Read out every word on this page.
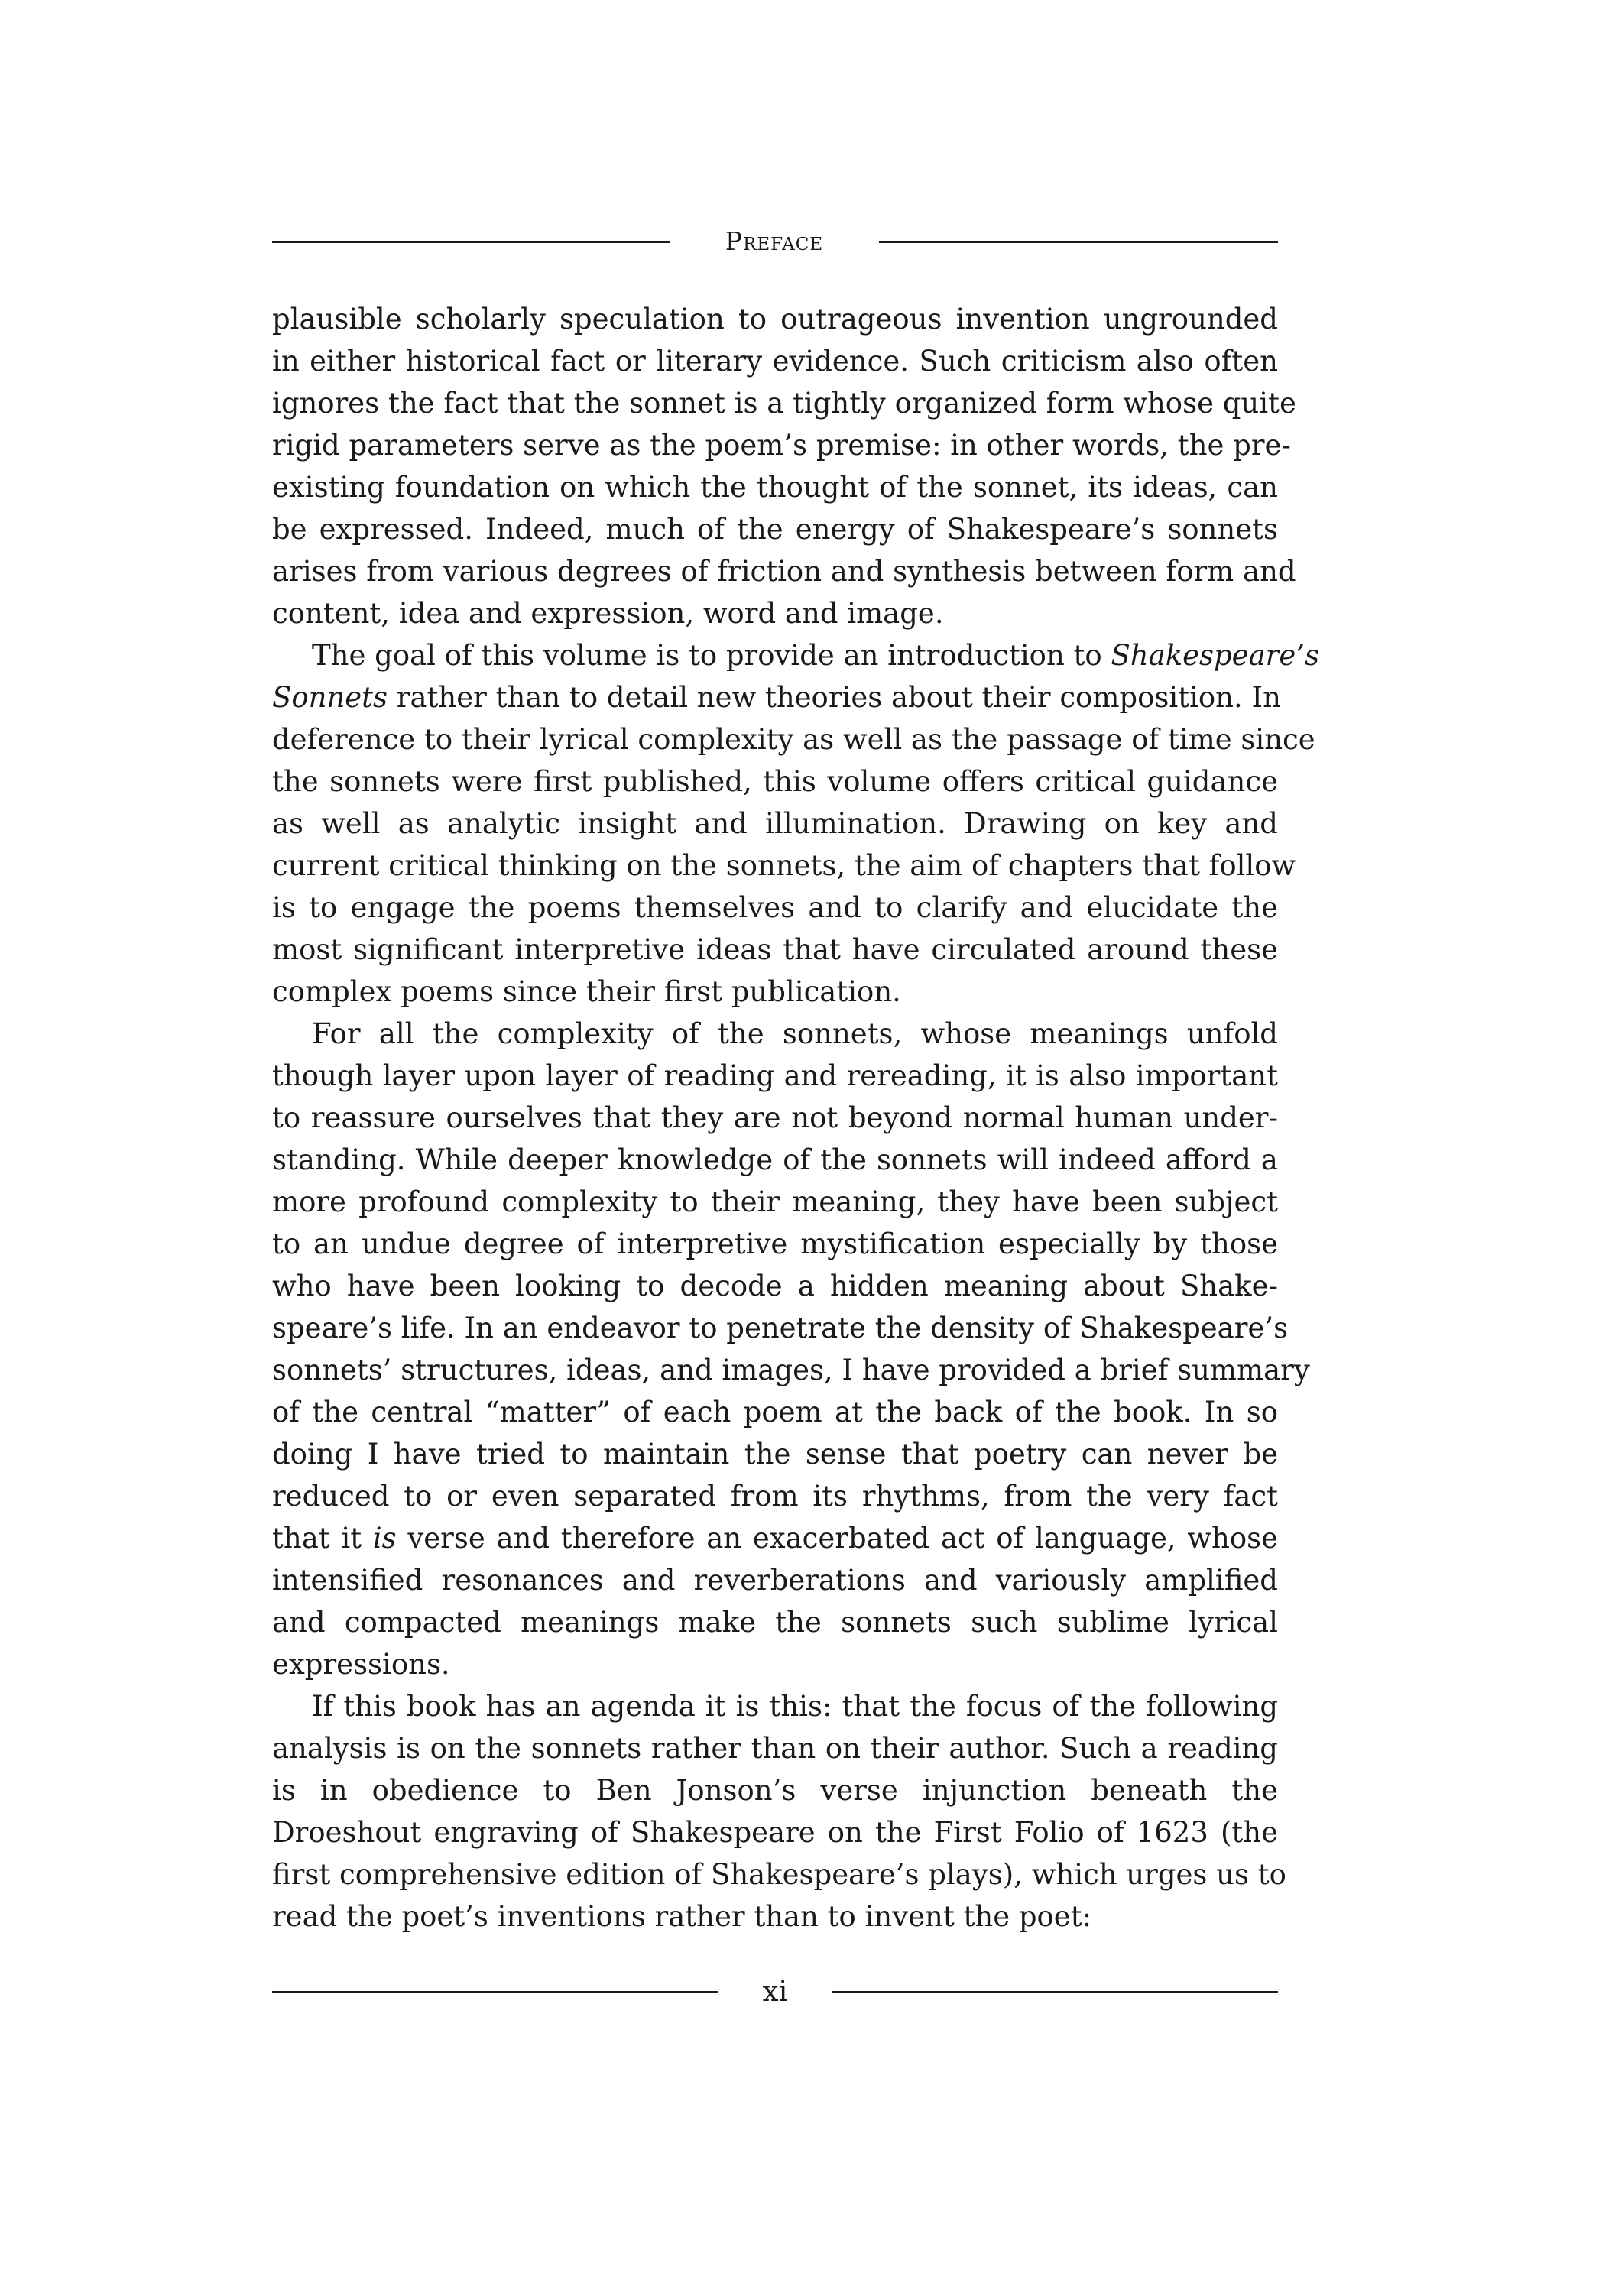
Preface
plausible scholarly speculation to outrageous invention ungrounded
in either historical fact or literary evidence. Such criticism also often
ignores the fact that the sonnet is a tightly organized form whose quite
rigid parameters serve as the poem’s premise: in other words, the pre-
existing foundation on which the thought of the sonnet, its ideas, can
be expressed. Indeed, much of the energy of Shakespeare’s sonnets
arises from various degrees of friction and synthesis between form and
content, idea and expression, word and image.
The goal of this volume is to provide an introduction to Shakespeare’s
Sonnets rather than to detail new theories about their composition. In
deference to their lyrical complexity as well as the passage of time since
the sonnets were first published, this volume offers critical guidance
as well as analytic insight and illumination. Drawing on key and
current critical thinking on the sonnets, the aim of chapters that follow
is to engage the poems themselves and to clarify and elucidate the
most significant interpretive ideas that have circulated around these
complex poems since their first publication.
For all the complexity of the sonnets, whose meanings unfold
though layer upon layer of reading and rereading, it is also important
to reassure ourselves that they are not beyond normal human under-
standing. While deeper knowledge of the sonnets will indeed afford a
more profound complexity to their meaning, they have been subject
to an undue degree of interpretive mystification especially by those
who have been looking to decode a hidden meaning about Shake-
speare’s life. In an endeavor to penetrate the density of Shakespeare’s
sonnets’ structures, ideas, and images, I have provided a brief summary
of the central “matter” of each poem at the back of the book. In so
doing I have tried to maintain the sense that poetry can never be
reduced to or even separated from its rhythms, from the very fact
that it is verse and therefore an exacerbated act of language, whose
intensified resonances and reverberations and variously amplified
and compacted meanings make the sonnets such sublime lyrical
expressions.
If this book has an agenda it is this: that the focus of the following
analysis is on the sonnets rather than on their author. Such a reading
is in obedience to Ben Jonson’s verse injunction beneath the
Droeshout engraving of Shakespeare on the First Folio of 1623 (the
first comprehensive edition of Shakespeare’s plays), which urges us to
read the poet’s inventions rather than to invent the poet:
xi
